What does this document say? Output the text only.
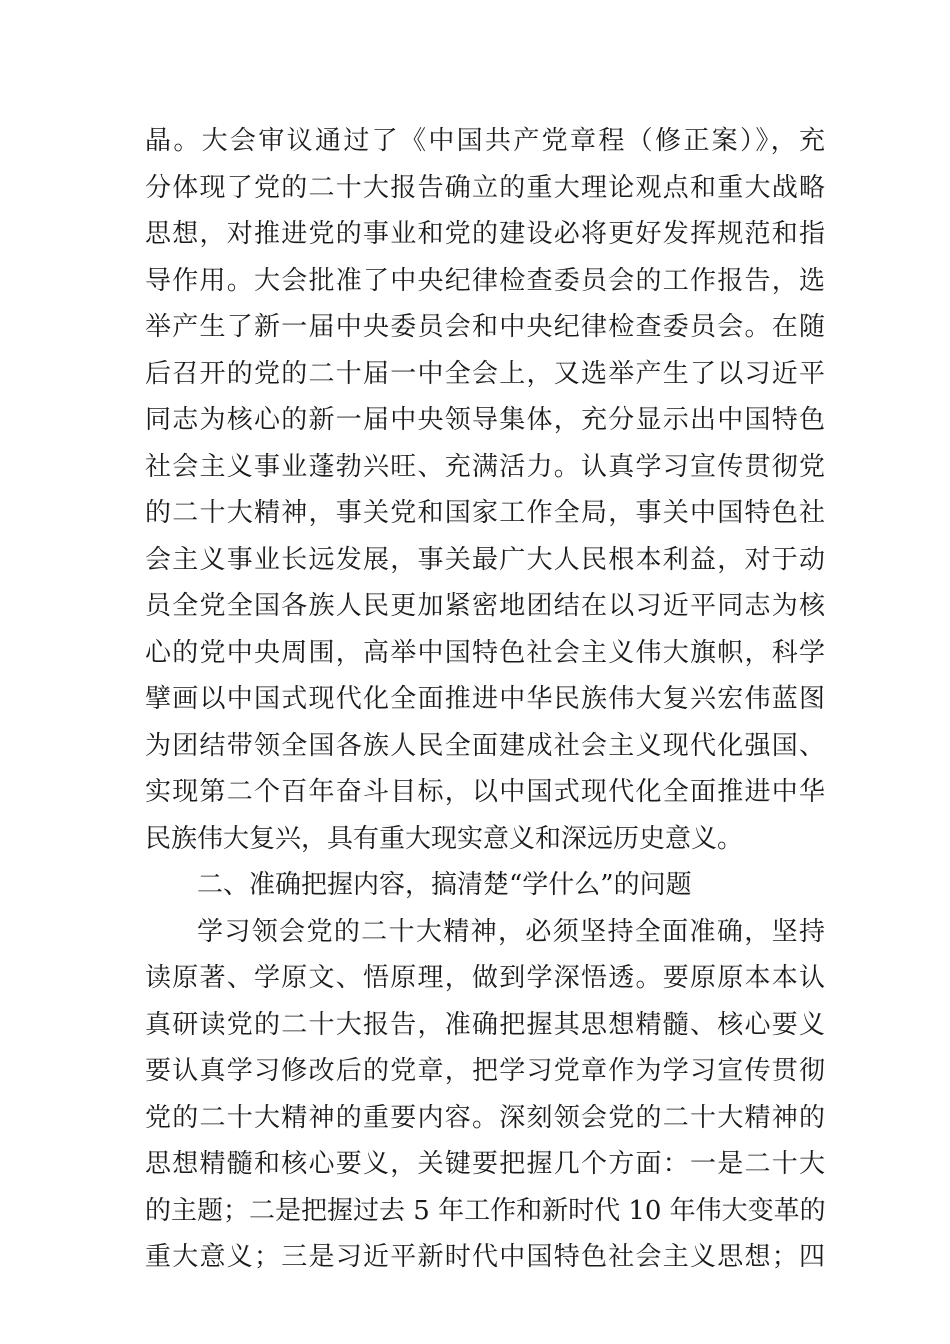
晶。大会审议通过了《中国共产党章程（修正案）》，充
分体现了党的二十大报告确立的重大理论观点和重大战略
思想，对推进党的事业和党的建设必将更好发挥规范和指
导作用。大会批准了中央纪律检查委员会的工作报告，选
举产生了新一届中央委员会和中央纪律检查委员会。在随
后召开的党的二十届一中全会上，又选举产生了以习近平
同志为核心的新一届中央领导集体，充分显示出中国特色
社会主义事业蓬勃兴旺、充满活力。认真学习宣传贯彻党
的二十大精神，事关党和国家工作全局，事关中国特色社
会主义事业长远发展，事关最广大人民根本利益，对于动
员全党全国各族人民更加紧密地团结在以习近平同志为核
心的党中央周围，高举中国特色社会主义伟大旗帜，科学
擘画以中国式现代化全面推进中华民族伟大复兴宏伟蓝图
为团结带领全国各族人民全面建成社会主义现代化强国、
实现第二个百年奋斗目标，以中国式现代化全面推进中华
民族伟大复兴，具有重大现实意义和深远历史意义。
二、准确把握内容，搞清楚“学什么”的问题
学习领会党的二十大精神，必须坚持全面准确，坚持
读原著、学原文、悟原理，做到学深悟透。要原原本本认
真研读党的二十大报告，准确把握其思想精髓、核心要义
要认真学习修改后的党章，把学习党章作为学习宣传贯彻
党的二十大精神的重要内容。深刻领会党的二十大精神的
思想精髓和核心要义，关键要把握几个方面：一是二十大
的主题；二是把握过去 5 年工作和新时代 10 年伟大变革的
重大意义；三是习近平新时代中国特色社会主义思想；四
